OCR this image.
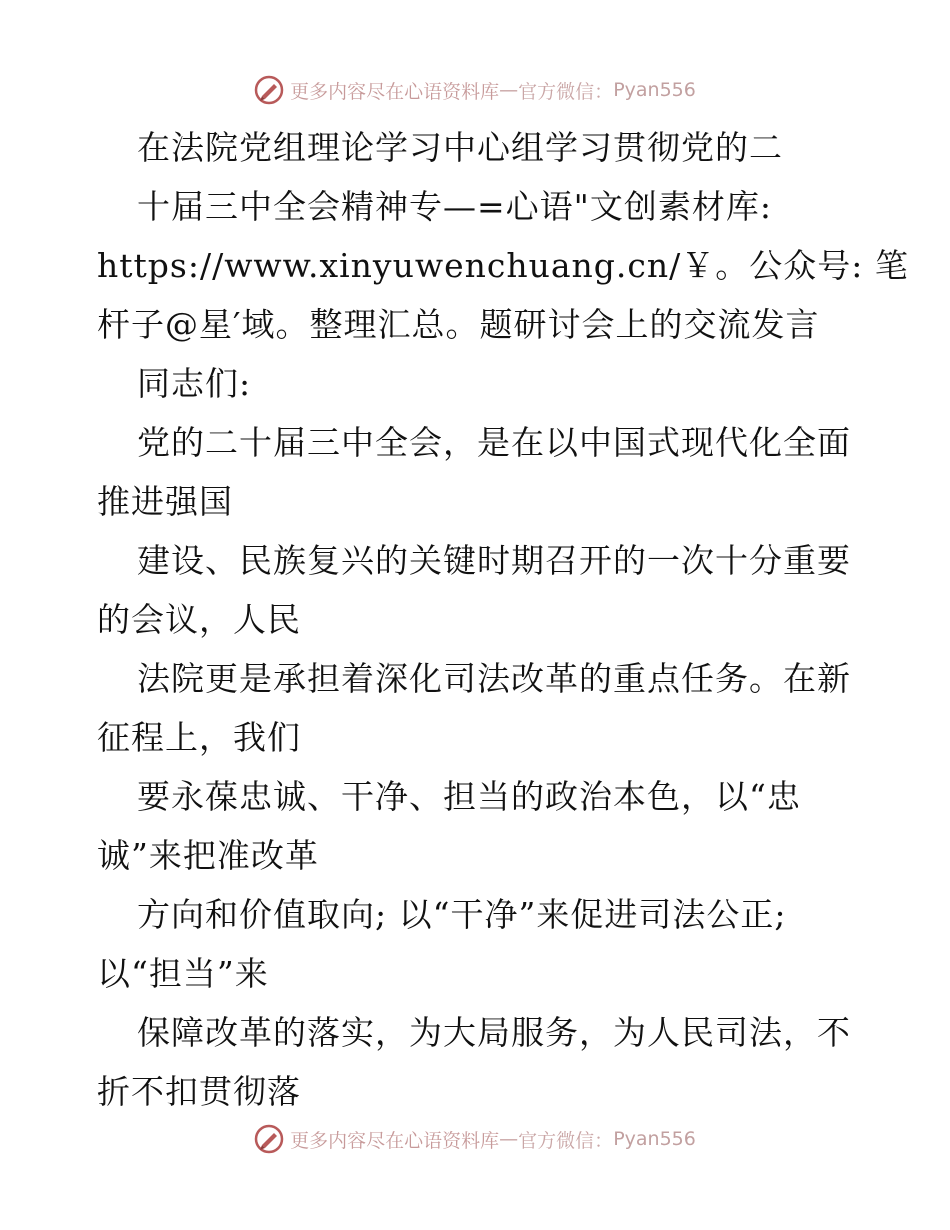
更多内容尽在心语资料库 — 官方微信： Pyan556
在法院党组理论学习中心组学习贯彻党的二
十届三中全会精神专—=心语"文创素材库:
https://www.xinyuwenchuang.cn/￥。公众号: 笔
杆子@星′域。整理汇总。题研讨会上的交流发言
同志们:
党的二十届三中全会，是在以中国式现代化全面
推进强国
建设、民族复兴的关键时期召开的一次十分重要
的会议，人民
法院更是承担着深化司法改革的重点任务。在新
征程上，我们
要永葆忠诚、干净、担当的政治本色，以“忠
诚”来把准改革
方向和价值取向; 以“干净”来促进司法公正;
以“担当”来
保障改革的落实，为大局服务，为人民司法，不
折不扣贯彻落
更多内容尽在心语资料库 — 官方微信： Pyan556
